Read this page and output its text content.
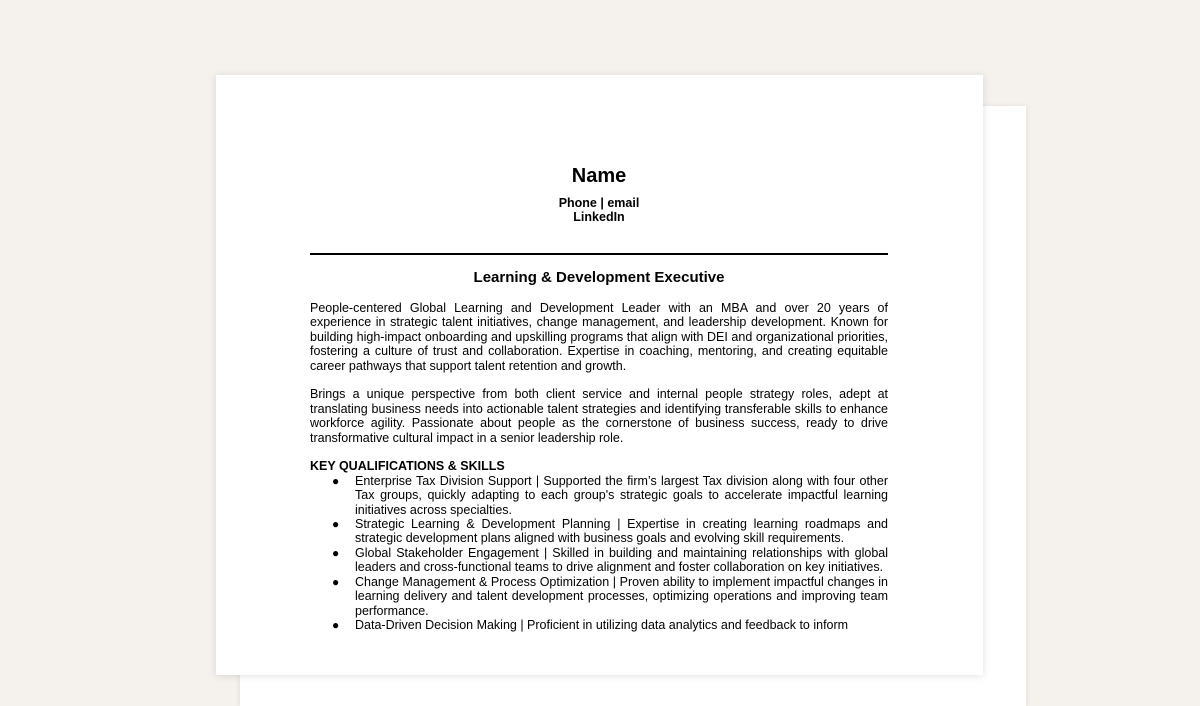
Name
Phone | email
LinkedIn
Learning & Development Executive

People-centered Global Learning and Development Leader with an MBA and over 20 years of experience in strategic talent initiatives, change management, and leadership development. Known for building high-impact onboarding and upskilling programs that align with DEI and organizational priorities, fostering a culture of trust and collaboration. Expertise in coaching, mentoring, and creating equitable career pathways that support talent retention and growth.

Brings a unique perspective from both client service and internal people strategy roles, adept at translating business needs into actionable talent strategies and identifying transferable skills to enhance workforce agility. Passionate about people as the cornerstone of business success, ready to drive transformative cultural impact in a senior leadership role.

KEY QUALIFICATIONS & SKILLS
● Enterprise Tax Division Support | Supported the firm’s largest Tax division along with four other Tax groups, quickly adapting to each group's strategic goals to accelerate impactful learning initiatives across specialties.
● Strategic Learning & Development Planning | Expertise in creating learning roadmaps and strategic development plans aligned with business goals and evolving skill requirements.
● Global Stakeholder Engagement | Skilled in building and maintaining relationships with global leaders and cross-functional teams to drive alignment and foster collaboration on key initiatives.
● Change Management & Process Optimization | Proven ability to implement impactful changes in learning delivery and talent development processes, optimizing operations and improving team performance.
● Data-Driven Decision Making | Proficient in utilizing data analytics and feedback to inform
